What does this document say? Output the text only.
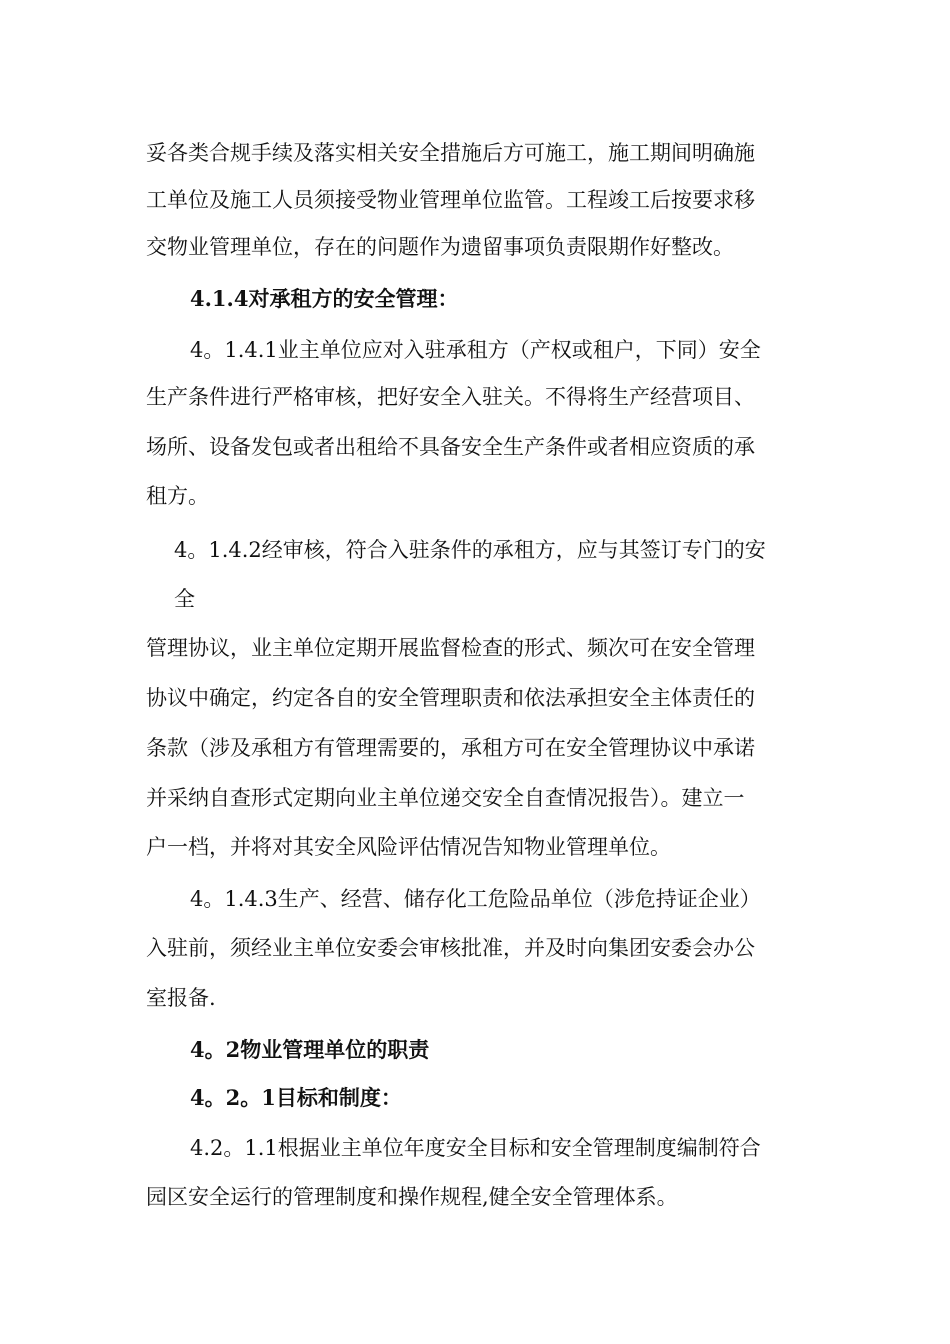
妥各类合规手续及落实相关安全措施后方可施工，施工期间明确施
工单位及施工人员须接受物业管理单位监管。工程竣工后按要求移
交物业管理单位，存在的问题作为遗留事项负责限期作好整改。
4.1.4对承租方的安全管理：
4。1.4.1业主单位应对入驻承租方（产权或租户，下同）安全
生产条件进行严格审核，把好安全入驻关。不得将生产经营项目、
场所、设备发包或者出租给不具备安全生产条件或者相应资质的承
租方。
4。1.4.2经审核，符合入驻条件的承租方，应与其签订专门的安
全
管理协议，业主单位定期开展监督检查的形式、频次可在安全管理
协议中确定，约定各自的安全管理职责和依法承担安全主体责任的
条款（涉及承租方有管理需要的，承租方可在安全管理协议中承诺
并采纳自查形式定期向业主单位递交安全自查情况报告）。建立一
户一档，并将对其安全风险评估情况告知物业管理单位。
4。1.4.3生产、经营、储存化工危险品单位（涉危持证企业）
入驻前，须经业主单位安委会审核批准，并及时向集团安委会办公
室报备.
4。2物业管理单位的职责
4。2。1目标和制度：
4.2。1.1根据业主单位年度安全目标和安全管理制度编制符合
园区安全运行的管理制度和操作规程,健全安全管理体系。
